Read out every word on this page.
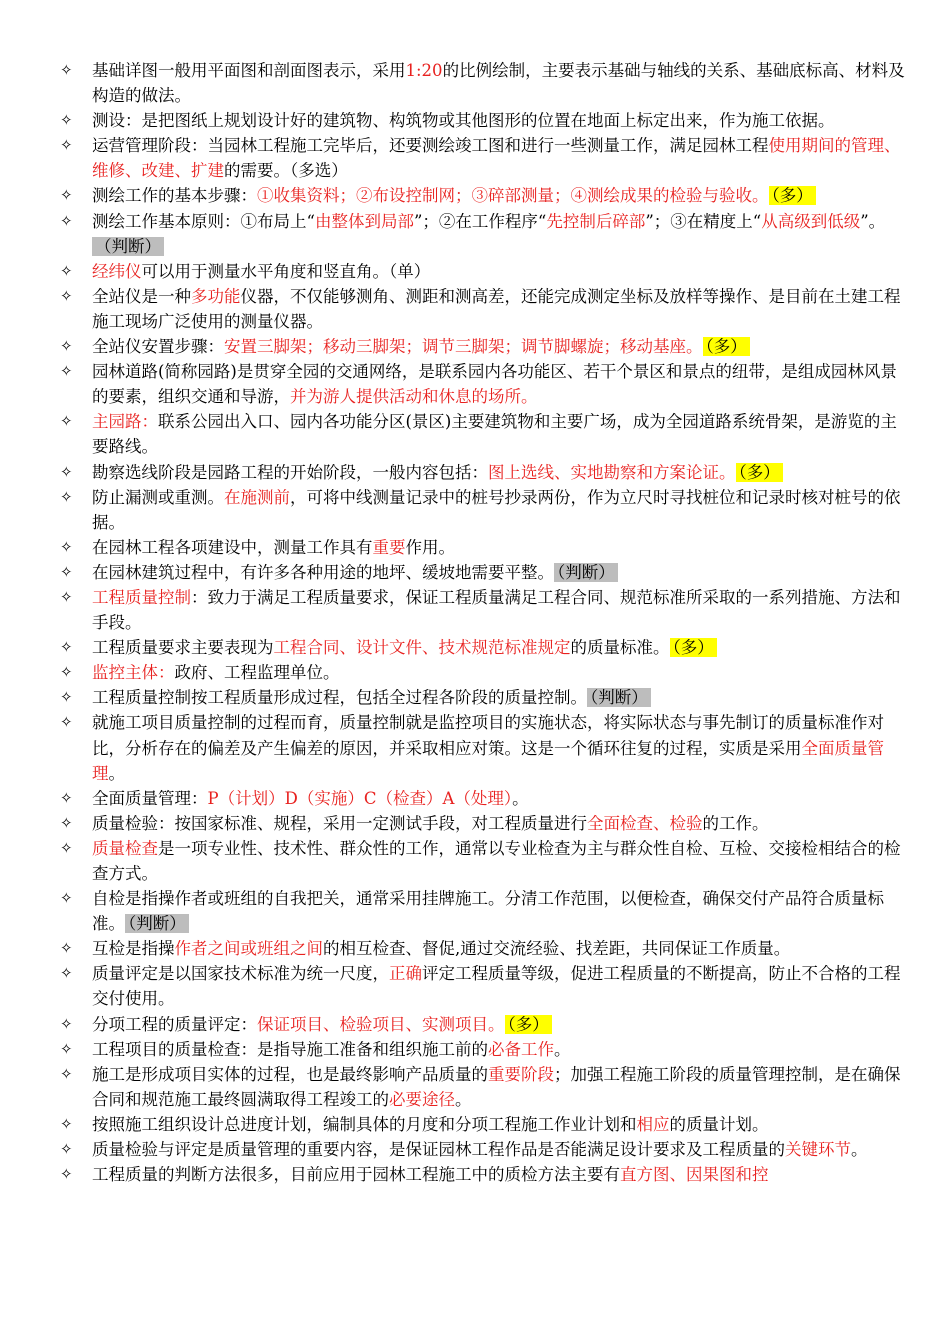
✧ 基础详图一般用平面图和剖面图表示，采用1:20的比例绘制，主要表示基础与轴线的关系、基础底标高、材料及构造的做法。
✧ 测设：是把图纸上规划设计好的建筑物、构筑物或其他图形的位置在地面上标定出来，作为施工依据。
✧ 运营管理阶段：当园林工程施工完毕后，还要测绘竣工图和进行一些测量工作，满足园林工程使用期间的管理、维修、改建、扩建的需要。（多选）
✧ 测绘工作的基本步骤：①收集资料；②布设控制网；③碎部测量；④测绘成果的检验与验收。 （多）
✧ 测绘工作基本原则：①布局上“由整体到局部”；②在工作程序“先控制后碎部”；③在精度上“从高级到低级”。（判断）
✧ 经纬仪可以用于测量水平角度和竖直角。（单）
✧ 全站仪是一种多功能仪器，不仅能够测角、测距和测高差，还能完成测定坐标及放样等操作、是目前在土建工程施工现场广泛使用的测量仪器。
✧ 全站仪安置步骤：安置三脚架；移动三脚架；调节三脚架；调节脚螺旋；移动基座。 （多）
✧ 园林道路(简称园路)是贯穿全园的交通网络，是联系园内各功能区、若干个景区和景点的纽带，是组成园林风景的要素，组织交通和导游，并为游人提供活动和休息的场所。
✧ 主园路：联系公园出入口、园内各功能分区(景区)主要建筑物和主要广场，成为全园道路系统骨架，是游览的主要路线。
✧ 勘察选线阶段是园路工程的开始阶段，一般内容包括：图上选线、实地勘察和方案论证。 （多）
✧ 防止漏测或重测。在施测前，可将中线测量记录中的桩号抄录两份，作为立尺时寻找桩位和记录时核对桩号的依据。
✧ 在园林工程各项建设中，测量工作具有重要作用。
✧ 在园林建筑过程中，有许多各种用途的地坪、缓坡地需要平整。 （判断）
✧ 工程质量控制：致力于满足工程质量要求，保证工程质量满足工程合同、规范标准所采取的一系列措施、方法和手段。
✧ 工程质量要求主要表现为工程合同、设计文件、技术规范标准规定的质量标准。 （多）
✧ 监控主体：政府、工程监理单位。
✧ 工程质量控制按工程质量形成过程，包括全过程各阶段的质量控制。 （判断）
✧ 就施工项目质量控制的过程而育，质量控制就是监控项目的实施状态，将实际状态与事先制订的质量标准作对比，分析存在的偏差及产生偏差的原因，并采取相应对策。这是一个循环往复的过程，实质是采用全面质量管理。
✧ 全面质量管理：P（计划）D（实施）C（检查）A（处理）。
✧ 质量检验：按国家标准、规程，采用一定测试手段，对工程质量进行全面检查、检验的工作。
✧ 质量检查是一项专业性、技术性、群众性的工作，通常以专业检查为主与群众性自检、互检、交接检相结合的检查方式。
✧ 自检是指操作者或班组的自我把关，通常采用挂牌施工。分清工作范围，以便检查，确保交付产品符合质量标准。 （判断）
✧ 互检是指操作者之间或班组之间的相互检查、督促,通过交流经验、找差距，共同保证工作质量。
✧ 质量评定是以国家技术标准为统一尺度，正确评定工程质量等级，促进工程质量的不断提高，防止不合格的工程交付使用。
✧ 分项工程的质量评定：保证项目、检验项目、实测项目。 （多）
✧ 工程项目的质量检查：是指导施工准备和组织施工前的必备工作。
✧ 施工是形成项目实体的过程，也是最终影响产品质量的重要阶段；加强工程施工阶段的质量管理控制，是在确保合同和规范施工最终圆满取得工程竣工的必要途径。
✧ 按照施工组织设计总进度计划，编制具体的月度和分项工程施工作业计划和相应的质量计划。
✧ 质量检验与评定是质量管理的重要内容，是保证园林工程作品是否能满足设计要求及工程质量的关键环节。
✧ 工程质量的判断方法很多，目前应用于园林工程施工中的质检方法主要有直方图、因果图和控
